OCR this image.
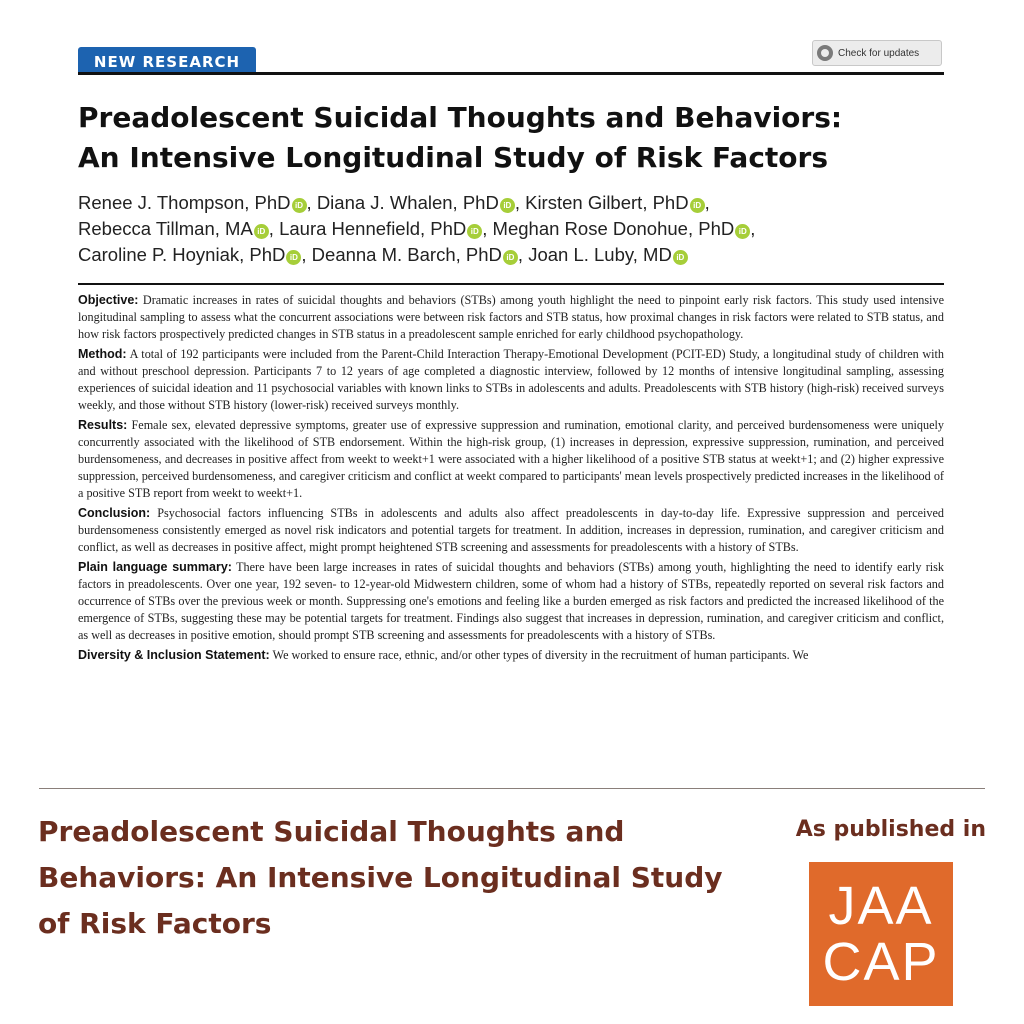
NEW RESEARCH	Check for updates
Preadolescent Suicidal Thoughts and Behaviors:
An Intensive Longitudinal Study of Risk Factors

Renee J. Thompson, PhD iD , Diana J. Whalen, PhD iD , Kirsten Gilbert, PhD iD ,
Rebecca Tillman, MA iD , Laura Hennefield, PhD iD , Meghan Rose Donohue, PhD iD ,
Caroline P. Hoyniak, PhD iD , Deanna M. Barch, PhD iD , Joan L. Luby, MD iD

Objective: Dramatic increases in rates of suicidal thoughts and behaviors (STBs) among youth highlight the need to pinpoint early risk factors. This study used intensive longitudinal sampling to assess what the concurrent associations were between risk factors and STB status, how proximal changes in risk factors were related to STB status, and how risk factors prospectively predicted changes in STB status in a preadolescent sample enriched for early childhood psychopathology.

Method: A total of 192 participants were included from the Parent-Child Interaction Therapy-Emotional Development (PCIT-ED) Study, a longitudinal study of children with and without preschool depression. Participants 7 to 12 years of age completed a diagnostic interview, followed by 12 months of intensive longitudinal sampling, assessing experiences of suicidal ideation and 11 psychosocial variables with known links to STBs in adolescents and adults. Preadolescents with STB history (high-risk) received surveys weekly, and those without STB history (lower-risk) received surveys monthly.

Results: Female sex, elevated depressive symptoms, greater use of expressive suppression and rumination, emotional clarity, and perceived burdensomeness were uniquely concurrently associated with the likelihood of STB endorsement. Within the high-risk group, (1) increases in depression, expressive suppression, rumination, and perceived burdensomeness, and decreases in positive affect from weekt to weekt+1 were associated with a higher likelihood of a positive STB status at weekt+1; and (2) higher expressive suppression, perceived burdensomeness, and caregiver criticism and conflict at weekt compared to participants' mean levels prospectively predicted increases in the likelihood of a positive STB report from weekt to weekt+1.

Conclusion: Psychosocial factors influencing STBs in adolescents and adults also affect preadolescents in day-to-day life. Expressive suppression and perceived burdensomeness consistently emerged as novel risk indicators and potential targets for treatment. In addition, increases in depression, rumination, and caregiver criticism and conflict, as well as decreases in positive affect, might prompt heightened STB screening and assessments for preadolescents with a history of STBs.

Plain language summary: There have been large increases in rates of suicidal thoughts and behaviors (STBs) among youth, highlighting the need to identify early risk factors in preadolescents. Over one year, 192 seven- to 12-year-old Midwestern children, some of whom had a history of STBs, repeatedly reported on several risk factors and occurrence of STBs over the previous week or month. Suppressing one's emotions and feeling like a burden emerged as risk factors and predicted the increased likelihood of the emergence of STBs, suggesting these may be potential targets for treatment. Findings also suggest that increases in depression, rumination, and caregiver criticism and conflict, as well as decreases in positive emotion, should prompt STB screening and assessments for preadolescents with a history of STBs.

Diversity & Inclusion Statement: We worked to ensure race, ethnic, and/or other types of diversity in the recruitment of human participants. We

Preadolescent Suicidal Thoughts and
Behaviors: An Intensive Longitudinal Study
of Risk Factors
As published in
JAA
CAP
